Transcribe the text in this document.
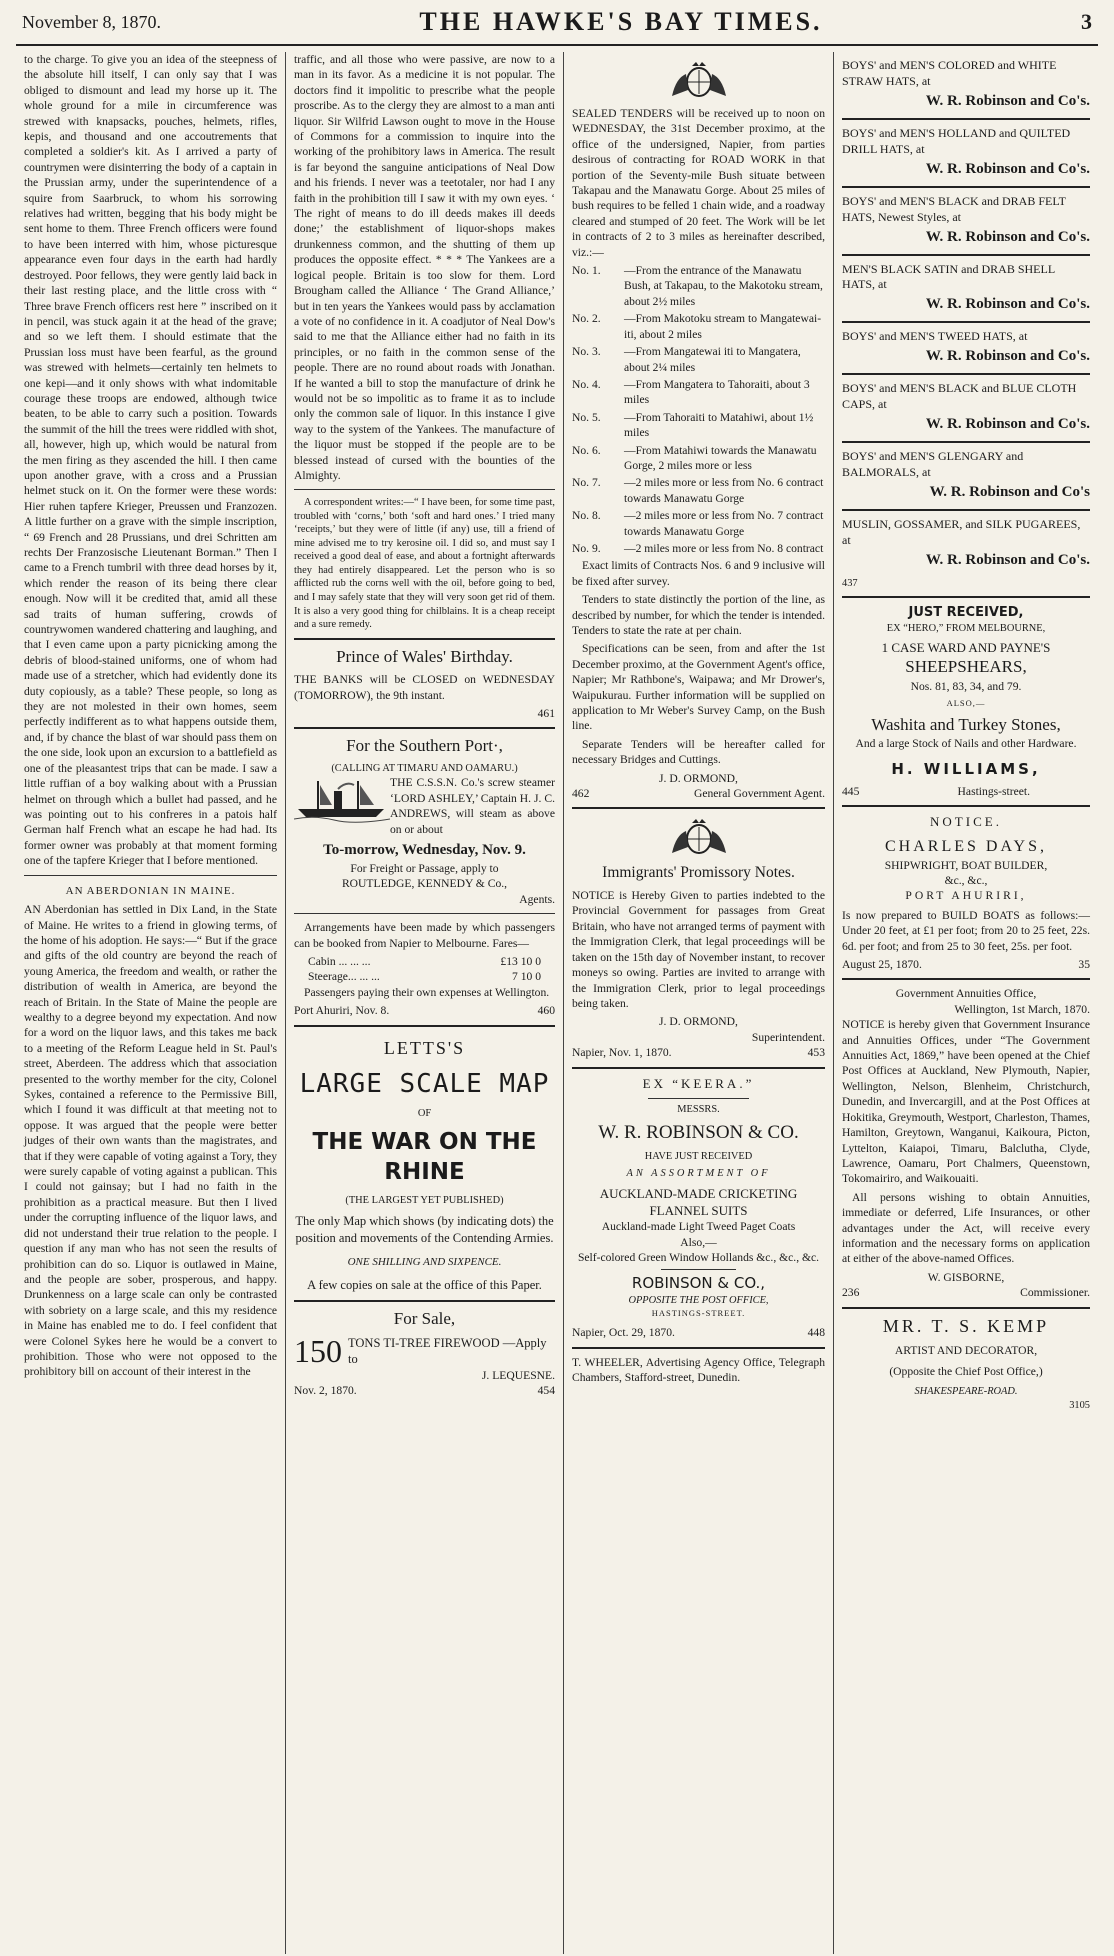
November 8, 1870.	THE HAWKE'S BAY TIMES.	3

to the charge. To give you an idea of the steepness of the absolute hill itself, I can only say that I was obliged to dismount and lead my horse up it. The whole ground for a mile in circumference was strewed with knapsacks, pouches, helmets, rifles, kepis, and thousand and one accoutrements that completed a soldier's kit. As I arrived a party of countrymen were disinterring the body of a captain in the Prussian army, under the superintendence of a squire from Saarbruck, to whom his sorrowing relatives had written, begging that his body might be sent home to them. Three French officers were found to have been interred with him, whose picturesque appearance even four days in the earth had hardly destroyed. Poor fellows, they were gently laid back in their last resting place, and the little cross with “ Three brave French officers rest here ” inscribed on it in pencil, was stuck again it at the head of the grave; and so we left them. I should estimate that the Prussian loss must have been fearful, as the ground was strewed with helmets—certainly ten helmets to one kepi—and it only shows with what indomitable courage these troops are endowed, although twice beaten, to be able to carry such a position. Towards the summit of the hill the trees were riddled with shot, all, however, high up, which would be natural from the men firing as they ascended the hill. I then came upon another grave, with a cross and a Prussian helmet stuck on it. On the former were these words: Hier ruhen tapfere Krieger, Preussen und Franzozen. A little further on a grave with the simple inscription, “ 69 French and 28 Prussians, und drei Schritten am rechts Der Franzosische Lieutenant Borman.” Then I came to a French tumbril with three dead horses by it, which render the reason of its being there clear enough. Now will it be credited that, amid all these sad traits of human suffering, crowds of countrywomen wandered chattering and laughing, and that I even came upon a party picnicking among the debris of blood-stained uniforms, one of whom had made use of a stretcher, which had evidently done its duty copiously, as a table? These people, so long as they are not molested in their own homes, seem perfectly indifferent as to what happens outside them, and, if by chance the blast of war should pass them on the one side, look upon an excursion to a battlefield as one of the pleasantest trips that can be made. I saw a little ruffian of a boy walking about with a Prussian helmet on through which a bullet had passed, and he was pointing out to his confreres in a patois half German half French what an escape he had had. Its former owner was probably at that moment forming one of the tapfere Krieger that I before mentioned.

AN ABERDONIAN IN MAINE.

AN Aberdonian has settled in Dix Land, in the State of Maine. He writes to a friend in glowing terms, of the home of his adoption. He says:—“ But if the grace and gifts of the old country are beyond the reach of young America, the freedom and wealth, or rather the distribution of wealth in America, are beyond the reach of Britain. In the State of Maine the people are wealthy to a degree beyond my expectation. And now for a word on the liquor laws, and this takes me back to a meeting of the Reform League held in St. Paul's street, Aberdeen. The address which that association presented to the worthy member for the city, Colonel Sykes, contained a reference to the Permissive Bill, which I found it was difficult at that meeting not to oppose. It was argued that the people were better judges of their own wants than the magistrates, and that if they were capable of voting against a Tory, they were surely capable of voting against a publican. This I could not gainsay; but I had no faith in the prohibition as a practical measure. But then I lived under the corrupting influence of the liquor laws, and did not understand their true relation to the people. I question if any man who has not seen the results of prohibition can do so. Liquor is outlawed in Maine, and the people are sober, prosperous, and happy. Drunkenness on a large scale can only be contrasted with sobriety on a large scale, and this my residence in Maine has enabled me to do. I feel confident that were Colonel Sykes here he would be a convert to prohibition. Those who were not opposed to the prohibitory bill on account of their interest in the

traffic, and all those who were passive, are now to a man in its favor. As a medicine it is not popular. The doctors find it impolitic to prescribe what the people proscribe. As to the clergy they are almost to a man anti liquor. Sir Wilfrid Lawson ought to move in the House of Commons for a commission to inquire into the working of the prohibitory laws in America. The result is far beyond the sanguine anticipations of Neal Dow and his friends. I never was a teetotaler, nor had I any faith in the prohibition till I saw it with my own eyes. ‘ The right of means to do ill deeds makes ill deeds done;’ the establishment of liquor-shops makes drunkenness common, and the shutting of them up produces the opposite effect. * * * The Yankees are a logical people. Britain is too slow for them. Lord Brougham called the Alliance ‘ The Grand Alliance,’ but in ten years the Yankees would pass by acclamation a vote of no confidence in it. A coadjutor of Neal Dow's said to me that the Alliance either had no faith in its principles, or no faith in the common sense of the people. There are no round about roads with Jonathan. If he wanted a bill to stop the manufacture of drink he would not be so impolitic as to frame it as to include only the common sale of liquor. In this instance I give way to the system of the Yankees. The manufacture of the liquor must be stopped if the people are to be blessed instead of cursed with the bounties of the Almighty.

A correspondent writes:—“ I have been, for some time past, troubled with ‘corns,’ both ‘soft and hard ones.’ I tried many ‘receipts,’ but they were of little (if any) use, till a friend of mine advised me to try kerosine oil. I did so, and must say I received a good deal of ease, and about a fortnight afterwards they had entirely disappeared. Let the person who is so afflicted rub the corns well with the oil, before going to bed, and I may safely state that they will very soon get rid of them. It is also a very good thing for chilblains. It is a cheap receipt and a sure remedy.

Prince of Wales' Birthday.

THE BANKS will be CLOSED on WEDNESDAY (TOMORROW), the 9th instant.

461
For the Southern Port·,
(CALLING AT TIMARU AND OAMARU.)

THE C.S.S.N. Co.'s screw steamer ‘LORD ASHLEY,’ Captain H. J. C. ANDREWS, will steam as above on or about

To-morrow, Wednesday, Nov. 9.
For Freight or Passage, apply to
ROUTLEDGE, KENNEDY & Co.,
Agents.

Arrangements have been made by which passengers can be booked from Napier to Melbourne. Fares—

Cabin ... ... ...	£13 10 0
Steerage... ... ...	7 10 0

Passengers paying their own expenses at Wellington.

Port Ahuriri, Nov. 8.	460
LETTS'S
LARGE SCALE MAP
OF
THE WAR ON THE RHINE
(THE LARGEST YET PUBLISHED)

The only Map which shows (by indicating dots) the position and movements of the Contending Armies.

ONE SHILLING AND SIXPENCE.

A few copies on sale at the office of this Paper.

For Sale,
150 TONS TI-TREE FIREWOOD —Apply to
J. LEQUESNE.
Nov. 2, 1870.	454

SEALED TENDERS will be received up to noon on WEDNESDAY, the 31st December proximo, at the office of the undersigned, Napier, from parties desirous of contracting for ROAD WORK in that portion of the Seventy-mile Bush situate between Takapau and the Manawatu Gorge. About 25 miles of bush requires to be felled 1 chain wide, and a roadway cleared and stumped of 20 feet. The Work will be let in contracts of 2 to 3 miles as hereinafter described, viz.:—

No. 1.	—From the entrance of the Manawatu Bush, at Takapau, to the Makotoku stream, about 2½ miles
No. 2.	—From Makotoku stream to Mangatewai-iti, about 2 miles
No. 3.	—From Mangatewai iti to Mangatera, about 2¼ miles
No. 4.	—From Mangatera to Tahoraiti, about 3 miles
No. 5.	—From Tahoraiti to Matahiwi, about 1½ miles
No. 6.	—From Matahiwi towards the Manawatu Gorge, 2 miles more or less
No. 7.	—2 miles more or less from No. 6 contract towards Manawatu Gorge
No. 8.	—2 miles more or less from No. 7 contract towards Manawatu Gorge
No. 9.	—2 miles more or less from No. 8 contract

Exact limits of Contracts Nos. 6 and 9 inclusive will be fixed after survey.

Tenders to state distinctly the portion of the line, as described by number, for which the tender is intended. Tenders to state the rate at per chain.

Specifications can be seen, from and after the 1st December proximo, at the Government Agent's office, Napier; Mr Rathbone's, Waipawa; and Mr Drower's, Waipukurau. Further information will be supplied on application to Mr Weber's Survey Camp, on the Bush line.

Separate Tenders will be hereafter called for necessary Bridges and Cuttings.

J. D. ORMOND,
462	General Government Agent.
Immigrants' Promissory Notes.

NOTICE is Hereby Given to parties indebted to the Provincial Government for passages from Great Britain, who have not arranged terms of payment with the Immigration Clerk, that legal proceedings will be taken on the 15th day of November instant, to recover moneys so owing. Parties are invited to arrange with the Immigration Clerk, prior to legal proceedings being taken.

J. D. ORMOND,
Superintendent.
Napier, Nov. 1, 1870.	453
EX “KEERA.”
MESSRS.
W. R. ROBINSON & CO.
HAVE JUST RECEIVED
AN ASSORTMENT OF
AUCKLAND-MADE CRICKETING FLANNEL SUITS
Auckland-made Light Tweed Paget Coats
Also,—
Self-colored Green Window Hollands &c., &c., &c.
ROBINSON & CO.,
OPPOSITE THE POST OFFICE,
HASTINGS-STREET.
Napier, Oct. 29, 1870.	448

T. WHEELER, Advertising Agency Office, Telegraph Chambers, Stafford-street, Dunedin.

BOYS' and MEN'S COLORED and WHITE STRAW HATS, at
W. R. Robinson and Co's.
BOYS' and MEN'S HOLLAND and QUILTED DRILL HATS, at
W. R. Robinson and Co's.
BOYS' and MEN'S BLACK and DRAB FELT HATS, Newest Styles, at
W. R. Robinson and Co's.
MEN'S BLACK SATIN and DRAB SHELL HATS, at
W. R. Robinson and Co's.
BOYS' and MEN'S TWEED HATS, at
W. R. Robinson and Co's.
BOYS' and MEN'S BLACK and BLUE CLOTH CAPS, at
W. R. Robinson and Co's.
BOYS' and MEN'S GLENGARY and BALMORALS, at
W. R. Robinson and Co's
MUSLIN, GOSSAMER, and SILK PUGAREES, at
W. R. Robinson and Co's.
437
JUST RECEIVED,
EX “HERO,” FROM MELBOURNE,
1 CASE WARD AND PAYNE'S
SHEEPSHEARS,
Nos. 81, 83, 34, and 79.
ALSO,—
Washita and Turkey Stones,
And a large Stock of Nails and other Hardware.
H. WILLIAMS,
445	Hastings-street.
NOTICE.
CHARLES DAYS,
SHIPWRIGHT, BOAT BUILDER,
&c., &c.,
PORT AHURIRI,

Is now prepared to BUILD BOATS as follows:—Under 20 feet, at £1 per foot; from 20 to 25 feet, 22s. 6d. per foot; and from 25 to 30 feet, 25s. per foot.

August 25, 1870.	35
Government Annuities Office,
Wellington, 1st March, 1870.

NOTICE is hereby given that Government Insurance and Annuities Offices, under “The Government Annuities Act, 1869,” have been opened at the Chief Post Offices at Auckland, New Plymouth, Napier, Wellington, Nelson, Blenheim, Christchurch, Dunedin, and Invercargill, and at the Post Offices at Hokitika, Greymouth, Westport, Charleston, Thames, Hamilton, Greytown, Wanganui, Kaikoura, Picton, Lyttelton, Kaiapoi, Timaru, Balclutha, Clyde, Lawrence, Oamaru, Port Chalmers, Queenstown, Tokomairiro, and Waikouaiti.

All persons wishing to obtain Annuities, immediate or deferred, Life Insurances, or other advantages under the Act, will receive every information and the necessary forms on application at either of the above-named Offices.

W. GISBORNE,
236	Commissioner.
MR. T. S. KEMP
ARTIST AND DECORATOR,
(Opposite the Chief Post Office,)
SHAKESPEARE-ROAD.
3105
